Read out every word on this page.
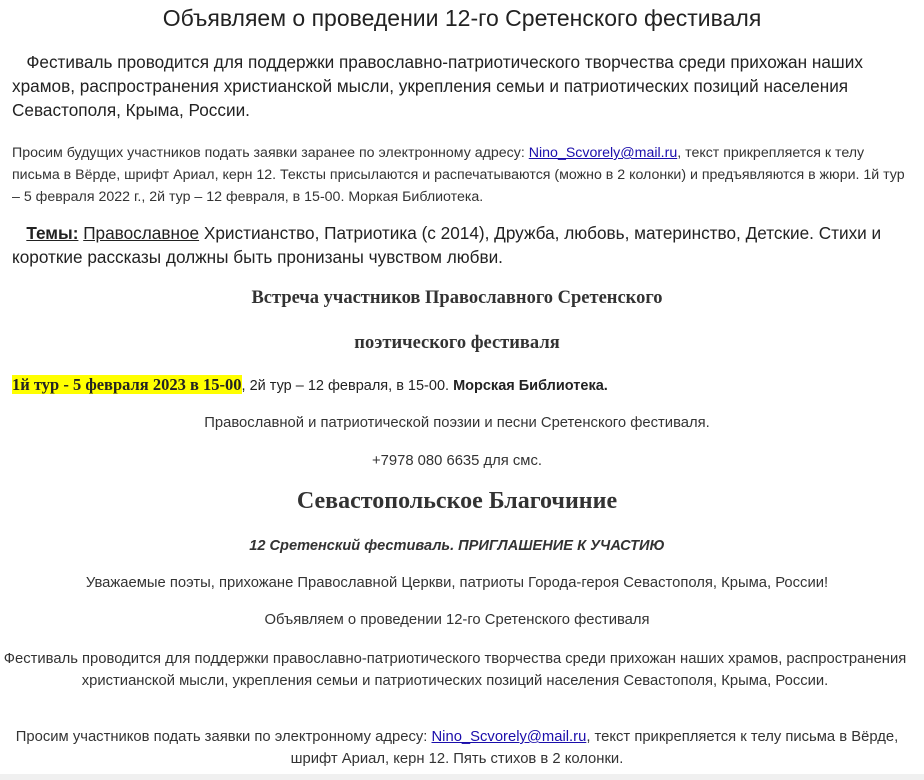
Объявляем о проведении 12-го Сретенского фестиваля
Фестиваль проводится для поддержки православно-патриотического творчества среди прихожан наших храмов, распространения христианской мысли, укрепления семьи и патриотических позиций населения Севастополя, Крыма, России.
Просим будущих участников подать заявки заранее по электронному адресу: Nino_Scvorely@mail.ru, текст прикрепляется к телу письма в Вёрде, шрифт Ариал, керн 12. Тексты присылаются и распечатываются (можно в 2 колонки) и предъявляются в жюри. 1й тур – 5 февраля 2022 г., 2й тур – 12 февраля, в 15-00. Моркая Библиотека.
Темы: Православное Христианство, Патриотика (с 2014), Дружба, любовь, материнство, Детские. Стихи и короткие рассказы должны быть пронизаны чувством любви.
Встреча участников Православного Сретенского
поэтического фестиваля
1й тур - 5 февраля 2023 в 15-00, 2й тур – 12 февраля, в 15-00. Морская Библиотека.
Православной и патриотической поэзии и песни Сретенского фестиваля.
+7978 080 6635 для смс.
Севастопольское Благочиние
12 Сретенский фестиваль. ПРИГЛАШЕНИЕ К УЧАСТИЮ
Уважаемые поэты, прихожане Православной Церкви, патриоты Города-героя Севастополя, Крыма, России!
Объявляем о проведении 12-го Сретенского фестиваля
Фестиваль проводится для поддержки православно-патриотического творчества среди прихожан наших храмов, распространения христианской мысли, укрепления семьи и патриотических позиций населения Севастополя, Крыма, России.
Просим участников подать заявки по электронному адресу: Nino_Scvorely@mail.ru, текст прикрепляется к телу письма в Вёрде, шрифт Ариал, керн 12. Пять стихов в 2 колонки.
